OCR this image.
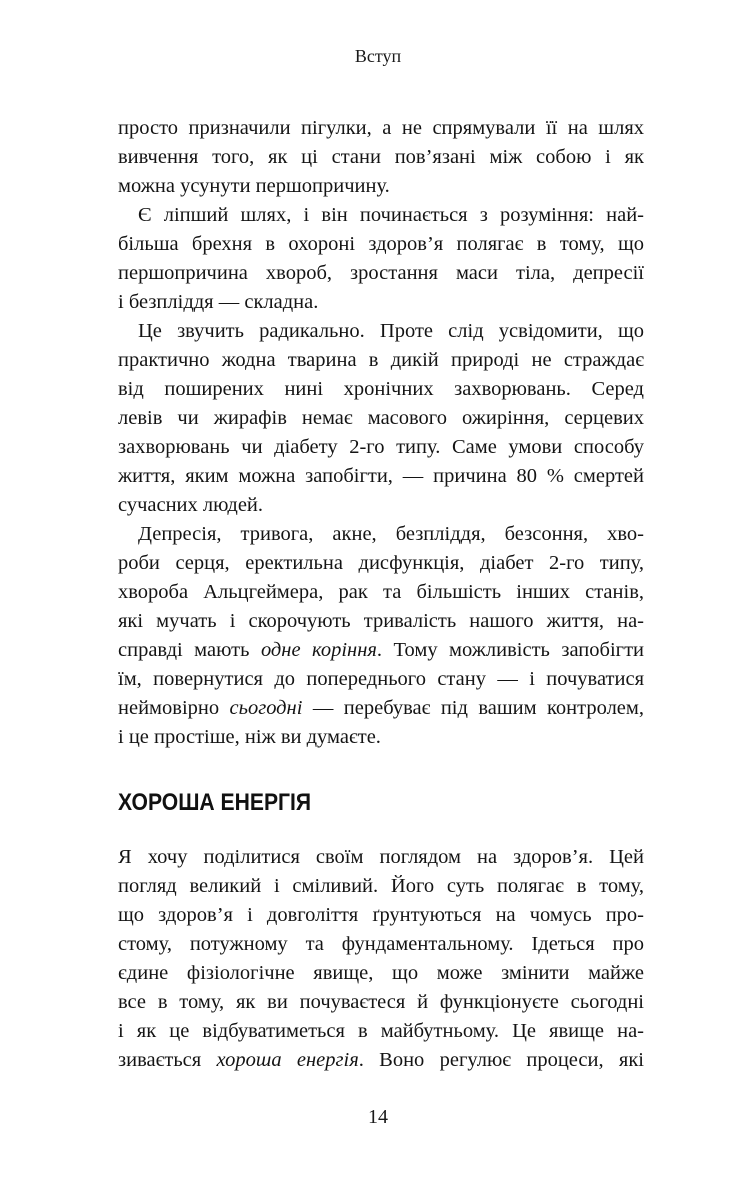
Вступ
просто призначили пігулки, а не спрямували її на шлях
вивчення того, як ці стани пов’язані між собою і як
можна усунути першопричину.
Є ліпший шлях, і він починається з розуміння: най-
більша брехня в охороні здоров’я полягає в тому, що
першопричина хвороб, зростання маси тіла, депресії
і безпліддя — складна.
Це звучить радикально. Проте слід усвідомити, що
практично жодна тварина в дикій природі не страждає
від поширених нині хронічних захворювань. Серед
левів чи жирафів немає масового ожиріння, серцевих
захворювань чи діабету 2-го типу. Саме умови способу
життя, яким можна запобігти, — причина 80 % смертей
сучасних людей.
Депресія, тривога, акне, безпліддя, безсоння, хво-
роби серця, еректильна дисфункція, діабет 2-го типу,
хвороба Альцгеймера, рак та більшість інших станів,
які мучать і скорочують тривалість нашого життя, на-
справді мають одне коріння. Тому можливість запобігти
їм, повернутися до попереднього стану — і почуватися
неймовірно сьогодні — перебуває під вашим контролем,
і це простіше, ніж ви думаєте.
ХОРОША ЕНЕРГІЯ
Я хочу поділитися своїм поглядом на здоров’я. Цей
погляд великий і сміливий. Його суть полягає в тому,
що здоров’я і довголіття ґрунтуються на чомусь про-
стому, потужному та фундаментальному. Ідеться про
єдине фізіологічне явище, що може змінити майже
все в тому, як ви почуваєтеся й функціонуєте сьогодні
і як це відбуватиметься в майбутньому. Це явище на-
зивається хороша енергія. Воно регулює процеси, які
14
